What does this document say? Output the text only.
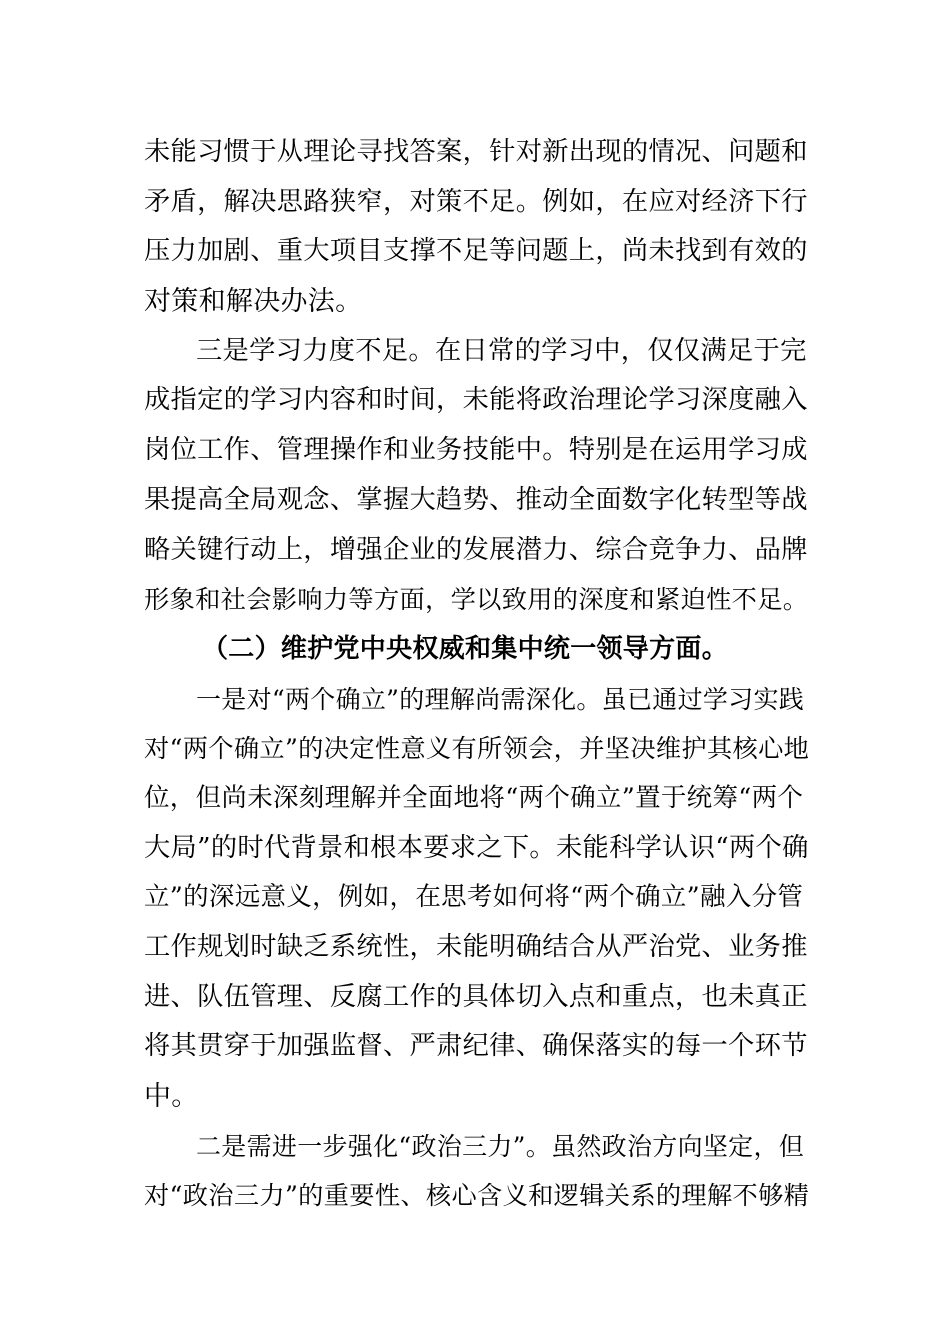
未能习惯于从理论寻找答案，针对新出现的情况、问题和
矛盾，解决思路狭窄，对策不足。例如，在应对经济下行
压力加剧、重大项目支撑不足等问题上，尚未找到有效的
对策和解决办法。
三是学习力度不足。在日常的学习中，仅仅满足于完
成指定的学习内容和时间，未能将政治理论学习深度融入
岗位工作、管理操作和业务技能中。特别是在运用学习成
果提高全局观念、掌握大趋势、推动全面数字化转型等战
略关键行动上，增强企业的发展潜力、综合竞争力、品牌
形象和社会影响力等方面，学以致用的深度和紧迫性不足。
（二）维护党中央权威和集中统一领导方面。
一是对“两个确立”的理解尚需深化。虽已通过学习实践
对“两个确立”的决定性意义有所领会，并坚决维护其核心地
位，但尚未深刻理解并全面地将“两个确立”置于统筹“两个
大局”的时代背景和根本要求之下。未能科学认识“两个确
立”的深远意义，例如，在思考如何将“两个确立”融入分管
工作规划时缺乏系统性，未能明确结合从严治党、业务推
进、队伍管理、反腐工作的具体切入点和重点，也未真正
将其贯穿于加强监督、严肃纪律、确保落实的每一个环节
中。
二是需进一步强化“政治三力”。虽然政治方向坚定，但
对“政治三力”的重要性、核心含义和逻辑关系的理解不够精
